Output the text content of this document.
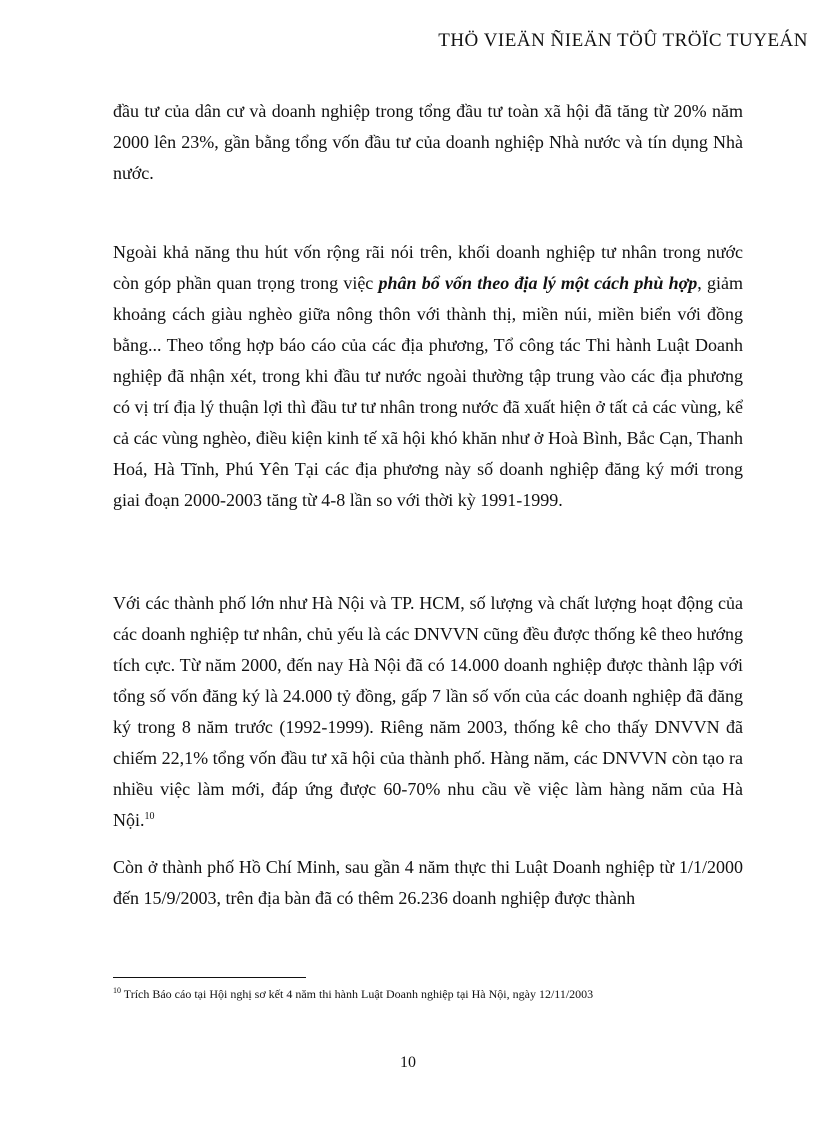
THÖ VIEÄN ÑIEÄN TÖÛ TRÖÏC TUYEÁN

đầu tư của dân cư và doanh nghiệp trong tổng đầu tư toàn xã hội đã tăng từ 20% năm 2000 lên 23%, gần bằng tổng vốn đầu tư của doanh nghiệp Nhà nước và tín dụng Nhà nước.

Ngoài khả năng thu hút vốn rộng rãi nói trên, khối doanh nghiệp tư nhân trong nước còn góp phần quan trọng trong việc phân bổ vốn theo địa lý một cách phù hợp, giảm khoảng cách giàu nghèo giữa nông thôn với thành thị, miền núi, miền biển với đồng bằng... Theo tổng hợp báo cáo của các địa phương, Tổ công tác Thi hành Luật Doanh nghiệp đã nhận xét, trong khi đầu tư nước ngoài thường tập trung vào các địa phương có vị trí địa lý thuận lợi thì đầu tư tư nhân trong nước đã xuất hiện ở tất cả các vùng, kể cả các vùng nghèo, điều kiện kinh tế xã hội khó khăn như ở Hoà Bình, Bắc Cạn, Thanh Hoá, Hà Tĩnh, Phú Yên Tại các địa phương này số doanh nghiệp đăng ký mới trong giai đoạn 2000-2003 tăng từ 4-8 lần so với thời kỳ 1991-1999.

Với các thành phố lớn như Hà Nội và TP. HCM, số lượng và chất lượng hoạt động của các doanh nghiệp tư nhân, chủ yếu là các DNVVN cũng đều được thống kê theo hướng tích cực. Từ năm 2000, đến nay Hà Nội đã có 14.000 doanh nghiệp được thành lập với tổng số vốn đăng ký là 24.000 tỷ đồng, gấp 7 lần số vốn của các doanh nghiệp đã đăng ký trong 8 năm trước (1992-1999). Riêng năm 2003, thống kê cho thấy DNVVN đã chiếm 22,1% tổng vốn đầu tư xã hội của thành phố. Hàng năm, các DNVVN còn tạo ra nhiều việc làm mới, đáp ứng được 60-70% nhu cầu về việc làm hàng năm của Hà Nội.$^{10}$

Còn ở thành phố Hồ Chí Minh, sau gần 4 năm thực thi Luật Doanh nghiệp từ 1/1/2000 đến 15/9/2003, trên địa bàn đã có thêm 26.236 doanh nghiệp được thành

$^{10}$ Trích Báo cáo tại Hội nghị sơ kết 4 năm thi hành Luật Doanh nghiệp tại Hà Nội, ngày 12/11/2003
10
